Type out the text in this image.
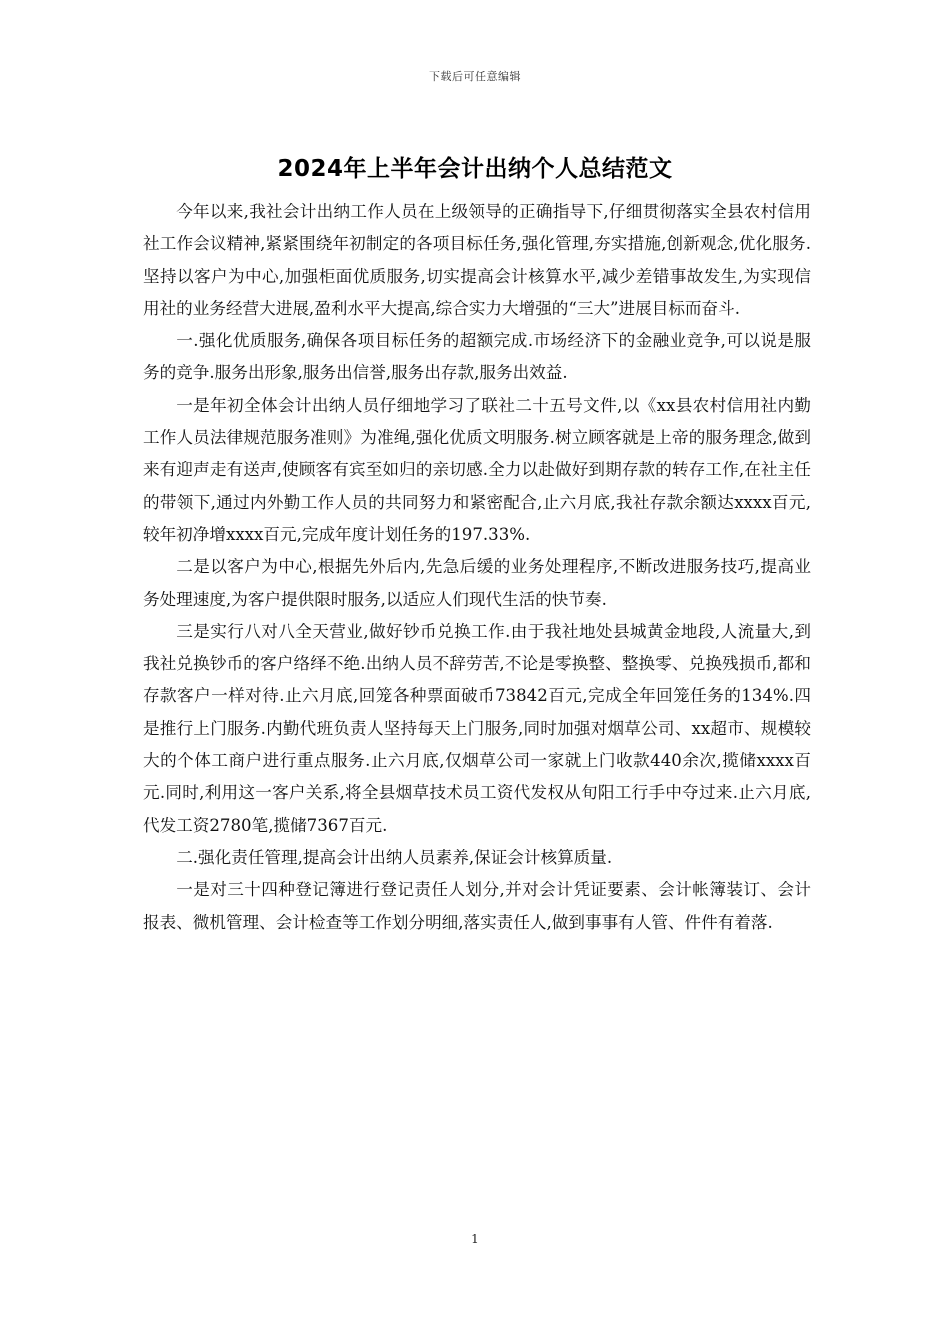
下载后可任意编辑
2024年上半年会计出纳个人总结范文

今年以来,我社会计出纳工作人员在上级领导的正确指导下,仔细贯彻落实全县农村信用社工作会议精神,紧紧围绕年初制定的各项目标任务,强化管理,夯实措施,创新观念,优化服务.坚持以客户为中心,加强柜面优质服务,切实提高会计核算水平,减少差错事故发生,为实现信用社的业务经营大进展,盈利水平大提高,综合实力大增强的“三大”进展目标而奋斗.

一.强化优质服务,确保各项目标任务的超额完成.市场经济下的金融业竞争,可以说是服务的竞争.服务出形象,服务出信誉,服务出存款,服务出效益.

一是年初全体会计出纳人员仔细地学习了联社二十五号文件,以《xx县农村信用社内勤工作人员法律规范服务准则》为准绳,强化优质文明服务.树立顾客就是上帝的服务理念,做到来有迎声走有送声,使顾客有宾至如归的亲切感.全力以赴做好到期存款的转存工作,在社主任的带领下,通过内外勤工作人员的共同努力和紧密配合,止六月底,我社存款余额达xxxx百元,较年初净增xxxx百元,完成年度计划任务的197.33%.

二是以客户为中心,根据先外后内,先急后缓的业务处理程序,不断改进服务技巧,提高业务处理速度,为客户提供限时服务,以适应人们现代生活的快节奏.

三是实行八对八全天营业,做好钞币兑换工作.由于我社地处县城黄金地段,人流量大,到我社兑换钞币的客户络绎不绝.出纳人员不辞劳苦,不论是零换整、整换零、兑换残损币,都和存款客户一样对待.止六月底,回笼各种票面破币73842百元,完成全年回笼任务的134%.四是推行上门服务.内勤代班负责人坚持每天上门服务,同时加强对烟草公司、xx超市、规模较大的个体工商户进行重点服务.止六月底,仅烟草公司一家就上门收款440余次,揽储xxxx百元.同时,利用这一客户关系,将全县烟草技术员工资代发权从旬阳工行手中夺过来.止六月底,代发工资2780笔,揽储7367百元.

二.强化责任管理,提高会计出纳人员素养,保证会计核算质量.

一是对三十四种登记簿进行登记责任人划分,并对会计凭证要素、会计帐簿装订、会计报表、微机管理、会计检查等工作划分明细,落实责任人,做到事事有人管、件件有着落.

1
